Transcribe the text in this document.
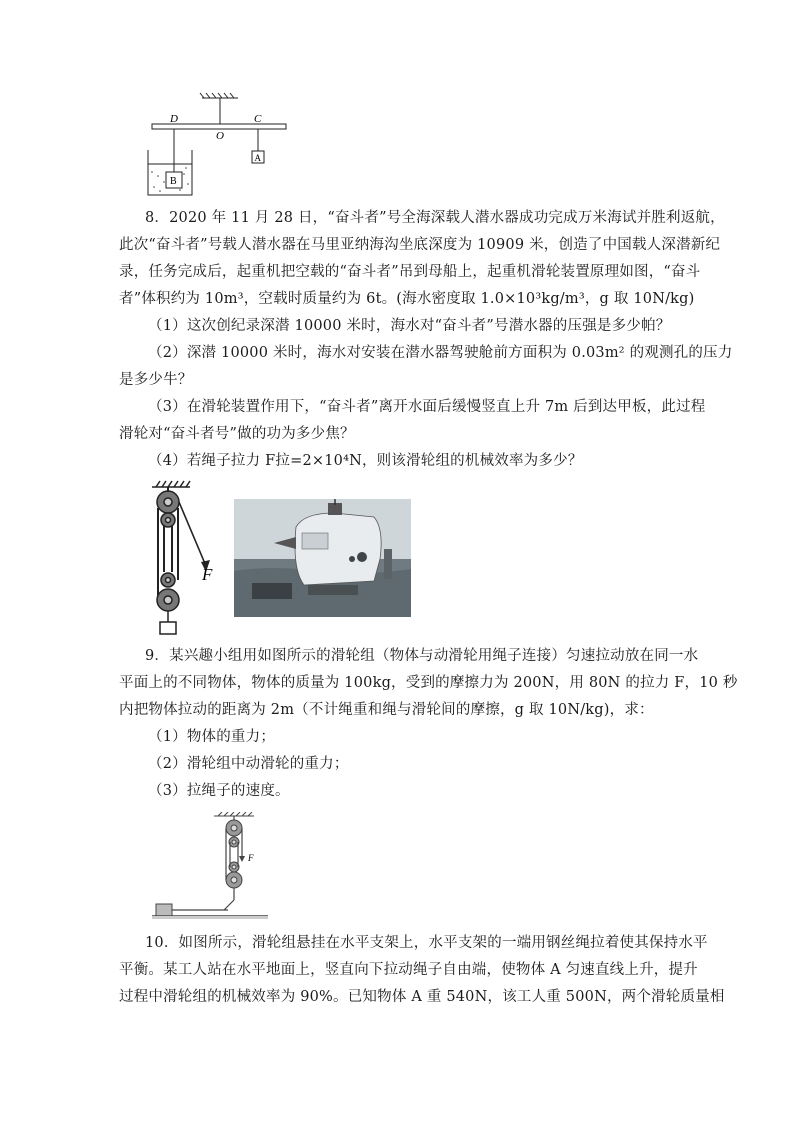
D
O
C
A
B
8．2020 年 11 月 28 日，“奋斗者”号全海深载人潜水器成功完成万米海试并胜利返航，
此次“奋斗者”号载人潜水器在马里亚纳海沟坐底深度为 10909 米，创造了中国载人深潜新纪
录，任务完成后，起重机把空载的“奋斗者”吊到母船上，起重机滑轮装置原理如图，“奋斗
者”体积约为 10m³，空载时质量约为 6t。(海水密度取 1.0×10³kg/m³，g 取 10N/kg)
（1）这次创纪录深潜 10000 米时，海水对“奋斗者”号潜水器的压强是多少帕？
（2）深潜 10000 米时，海水对安装在潜水器驾驶舱前方面积为 0.03m² 的观测孔的压力
是多少牛？
（3）在滑轮装置作用下，“奋斗者”离开水面后缓慢竖直上升 7m 后到达甲板，此过程
滑轮对“奋斗者号”做的功为多少焦？
（4）若绳子拉力 F拉=2×10⁴N，则该滑轮组的机械效率为多少？
F
9．某兴趣小组用如图所示的滑轮组（物体与动滑轮用绳子连接）匀速拉动放在同一水
平面上的不同物体，物体的质量为 100kg，受到的摩擦力为 200N，用 80N 的拉力 F，10 秒
内把物体拉动的距离为 2m（不计绳重和绳与滑轮间的摩擦，g 取 10N/kg)，求：
（1）物体的重力；
（2）滑轮组中动滑轮的重力；
（3）拉绳子的速度。
F
10．如图所示，滑轮组悬挂在水平支架上，水平支架的一端用钢丝绳拉着使其保持水平
平衡。某工人站在水平地面上，竖直向下拉动绳子自由端，使物体 A 匀速直线上升，提升
过程中滑轮组的机械效率为 90%。已知物体 A 重 540N，该工人重 500N，两个滑轮质量相
